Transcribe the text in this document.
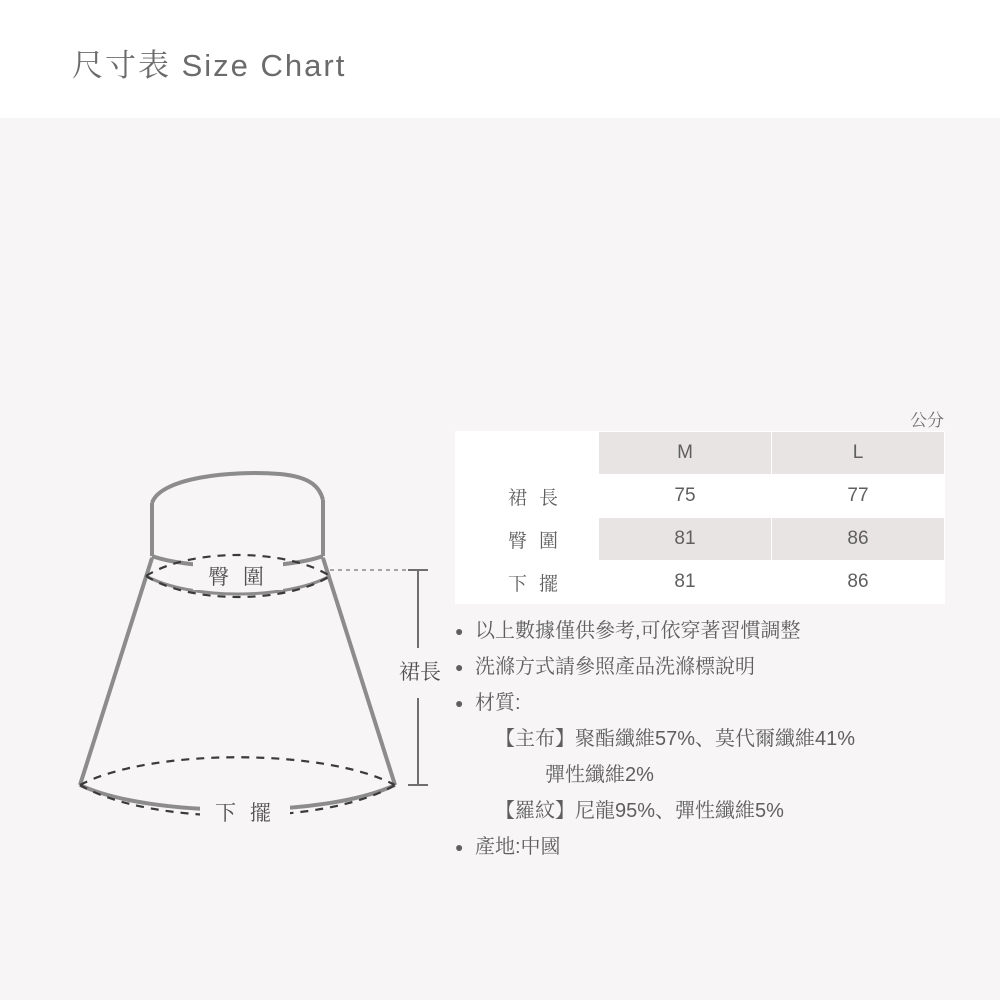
尺寸表 Size Chart
臀 圍
下 擺
裙長
公分
	M	L
裙長	75	77
臀圍	81	86
下擺	81	86
● 以上數據僅供參考,可依穿著習慣調整
● 洗滌方式請參照產品洗滌標說明
● 材質:
【主布】聚酯纖維57%、莫代爾纖維41%
彈性纖維2%
【羅紋】尼龍95%、彈性纖維5%
● 產地:中國
